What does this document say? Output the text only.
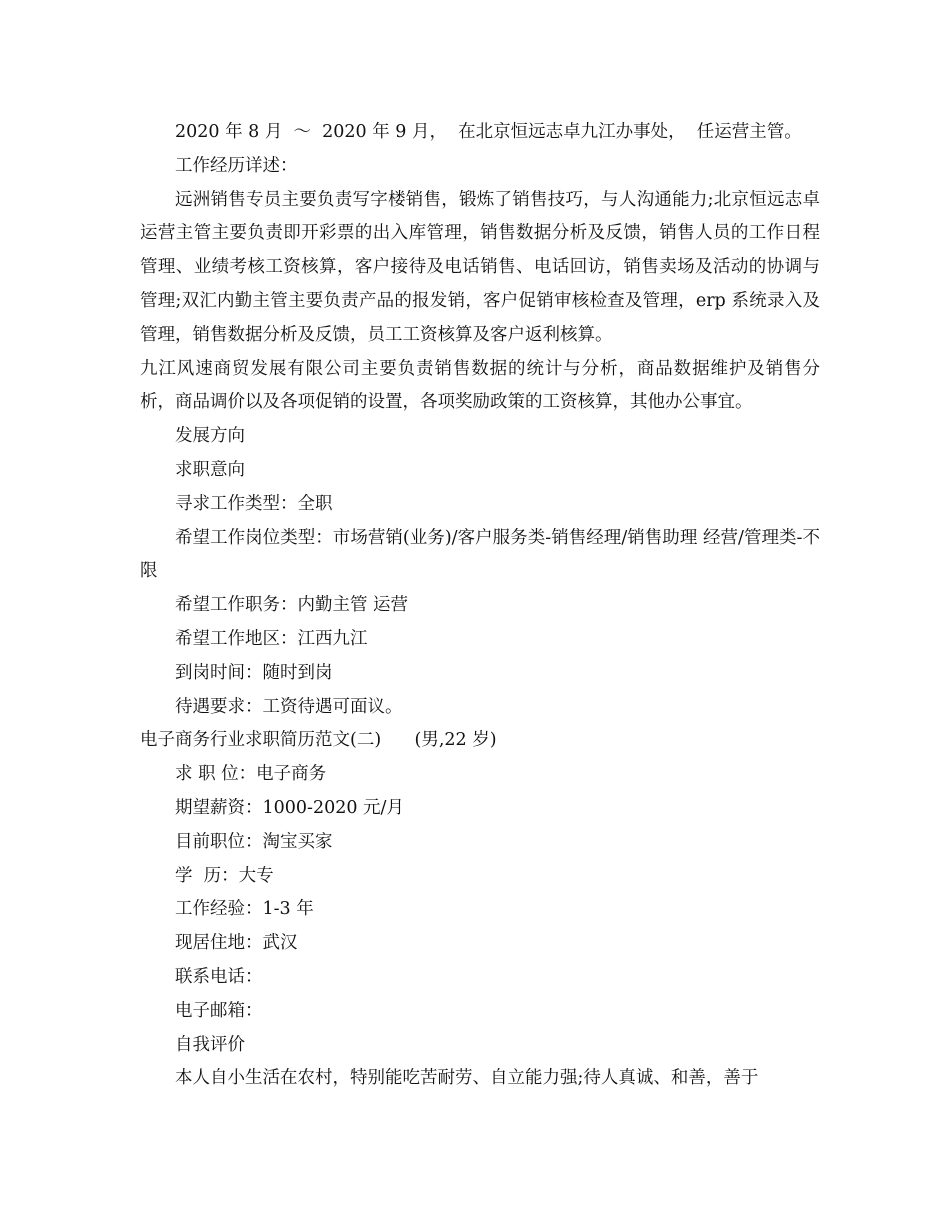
2020 年 8 月  ～  2020 年 9 月，  在北京恒远志卓九江办事处，  任运营主管。

工作经历详述：

远洲销售专员主要负责写字楼销售，锻炼了销售技巧，与人沟通能力;北京恒远志卓运营主管主要负责即开彩票的出入库管理，销售数据分析及反馈，销售人员的工作日程管理、业绩考核工资核算，客户接待及电话销售、电话回访，销售卖场及活动的协调与管理;双汇内勤主管主要负责产品的报发销，客户促销审核检查及管理，erp 系统录入及管理，销售数据分析及反馈，员工工资核算及客户返利核算。

九江风速商贸发展有限公司主要负责销售数据的统计与分析，商品数据维护及销售分析，商品调价以及各项促销的设置，各项奖励政策的工资核算，其他办公事宜。

发展方向

求职意向

寻求工作类型：全职

希望工作岗位类型：市场营销(业务)/客户服务类-销售经理/销售助理 经营/管理类-不限

希望工作职务：内勤主管 运营

希望工作地区：江西九江

到岗时间：随时到岗

待遇要求：工资待遇可面议。

电子商务行业求职简历范文(二)      (男,22 岁)

求 职 位：电子商务

期望薪资：1000-2020 元/月

目前职位：淘宝买家

学  历：大专

工作经验：1-3 年

现居住地：武汉

联系电话：

电子邮箱：

自我评价

本人自小生活在农村，特别能吃苦耐劳、自立能力强;待人真诚、和善，善于
